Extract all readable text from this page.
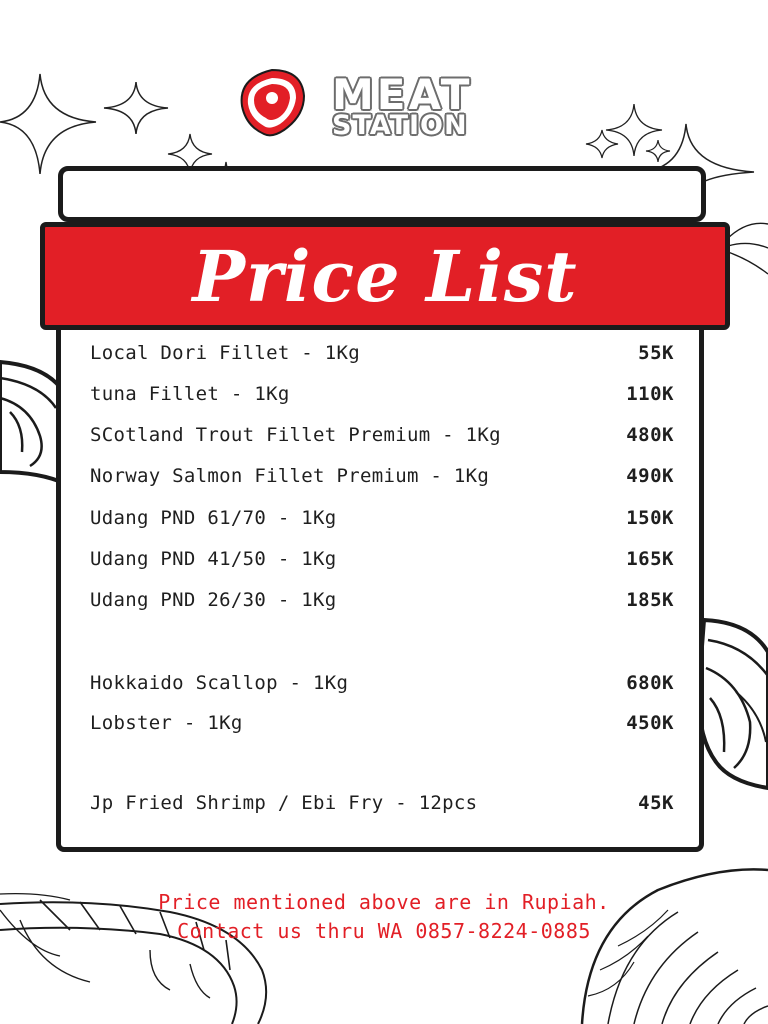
MEAT
STATION
Price List
Local Dori Fillet - 1Kg	55K
tuna Fillet - 1Kg	110K
SCotland Trout Fillet Premium - 1Kg	480K
Norway Salmon Fillet Premium - 1Kg	490K
Udang PND 61/70 - 1Kg	150K
Udang PND 41/50 - 1Kg	165K
Udang PND 26/30 - 1Kg	185K
Hokkaido Scallop - 1Kg	680K
Lobster - 1Kg	450K
Jp Fried Shrimp / Ebi Fry - 12pcs	45K
Price mentioned above are in Rupiah.
Contact us thru WA 0857-8224-0885
